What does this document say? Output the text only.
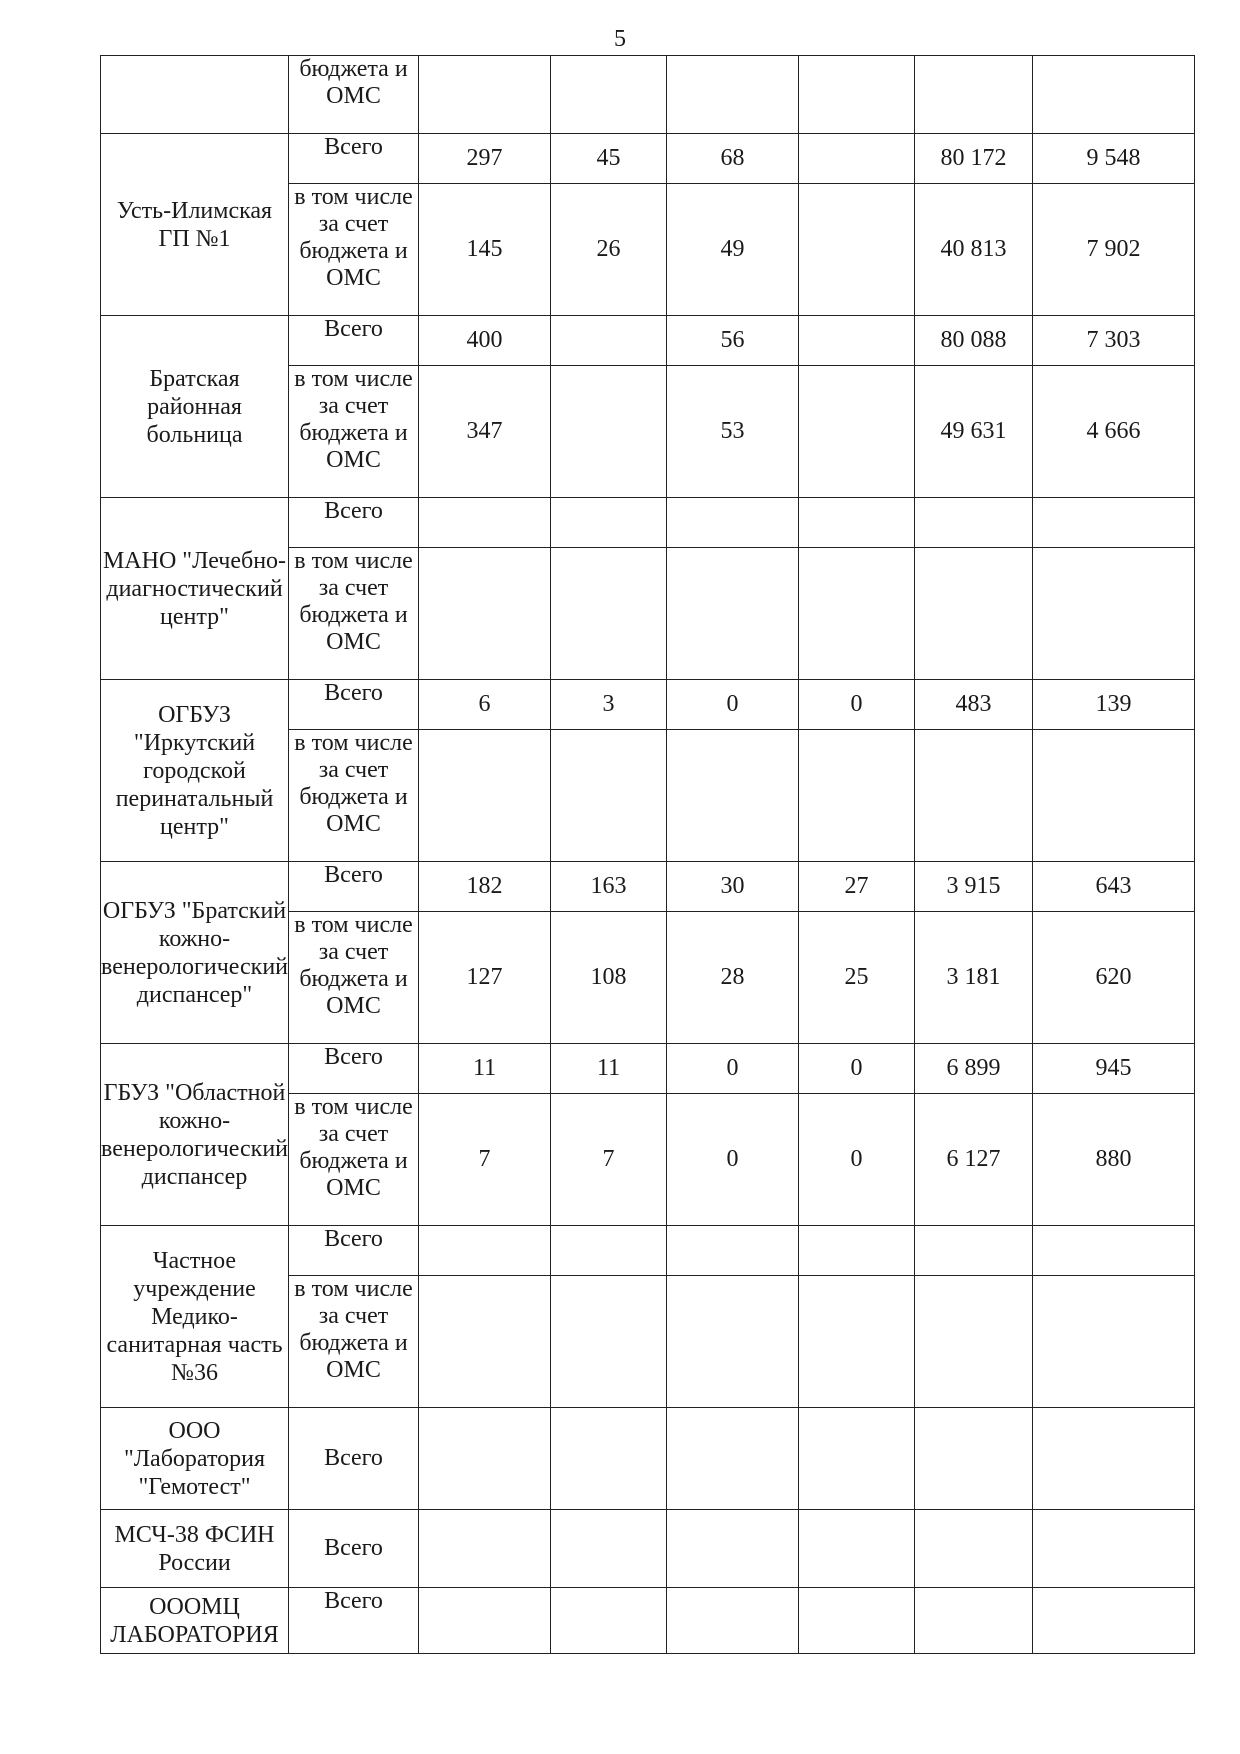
5
	бюджета и ОМС						
Усть-Илимская ГП №1	Всего	297	45	68		80 172	9 548
	в том числе за счет бюджета и ОМС	145	26	49		40 813	7 902
Братская районная больница	Всего	400		56		80 088	7 303
	в том числе за счет бюджета и ОМС	347		53		49 631	4 666
МАНО "Лечебно-диагностический центр"	Всего						
	в том числе за счет бюджета и ОМС						
ОГБУЗ "Иркутский городской перинатальный центр"	Всего	6	3	0	0	483	139
	в том числе за счет бюджета и ОМС						
ОГБУЗ "Братский кожно-венерологический диспансер"	Всего	182	163	30	27	3 915	643
	в том числе за счет бюджета и ОМС	127	108	28	25	3 181	620
ГБУЗ "Областной кожно-венерологический диспансер	Всего	11	11	0	0	6 899	945
	в том числе за счет бюджета и ОМС	7	7	0	0	6 127	880
Частное учреждение Медико-санитарная часть №36	Всего						
	в том числе за счет бюджета и ОМС						
ООО "Лаборатория "Гемотест"	Всего						
МСЧ-38 ФСИН России	Всего						
ОООМЦ ЛАБОРАТОРИЯ	Всего						
